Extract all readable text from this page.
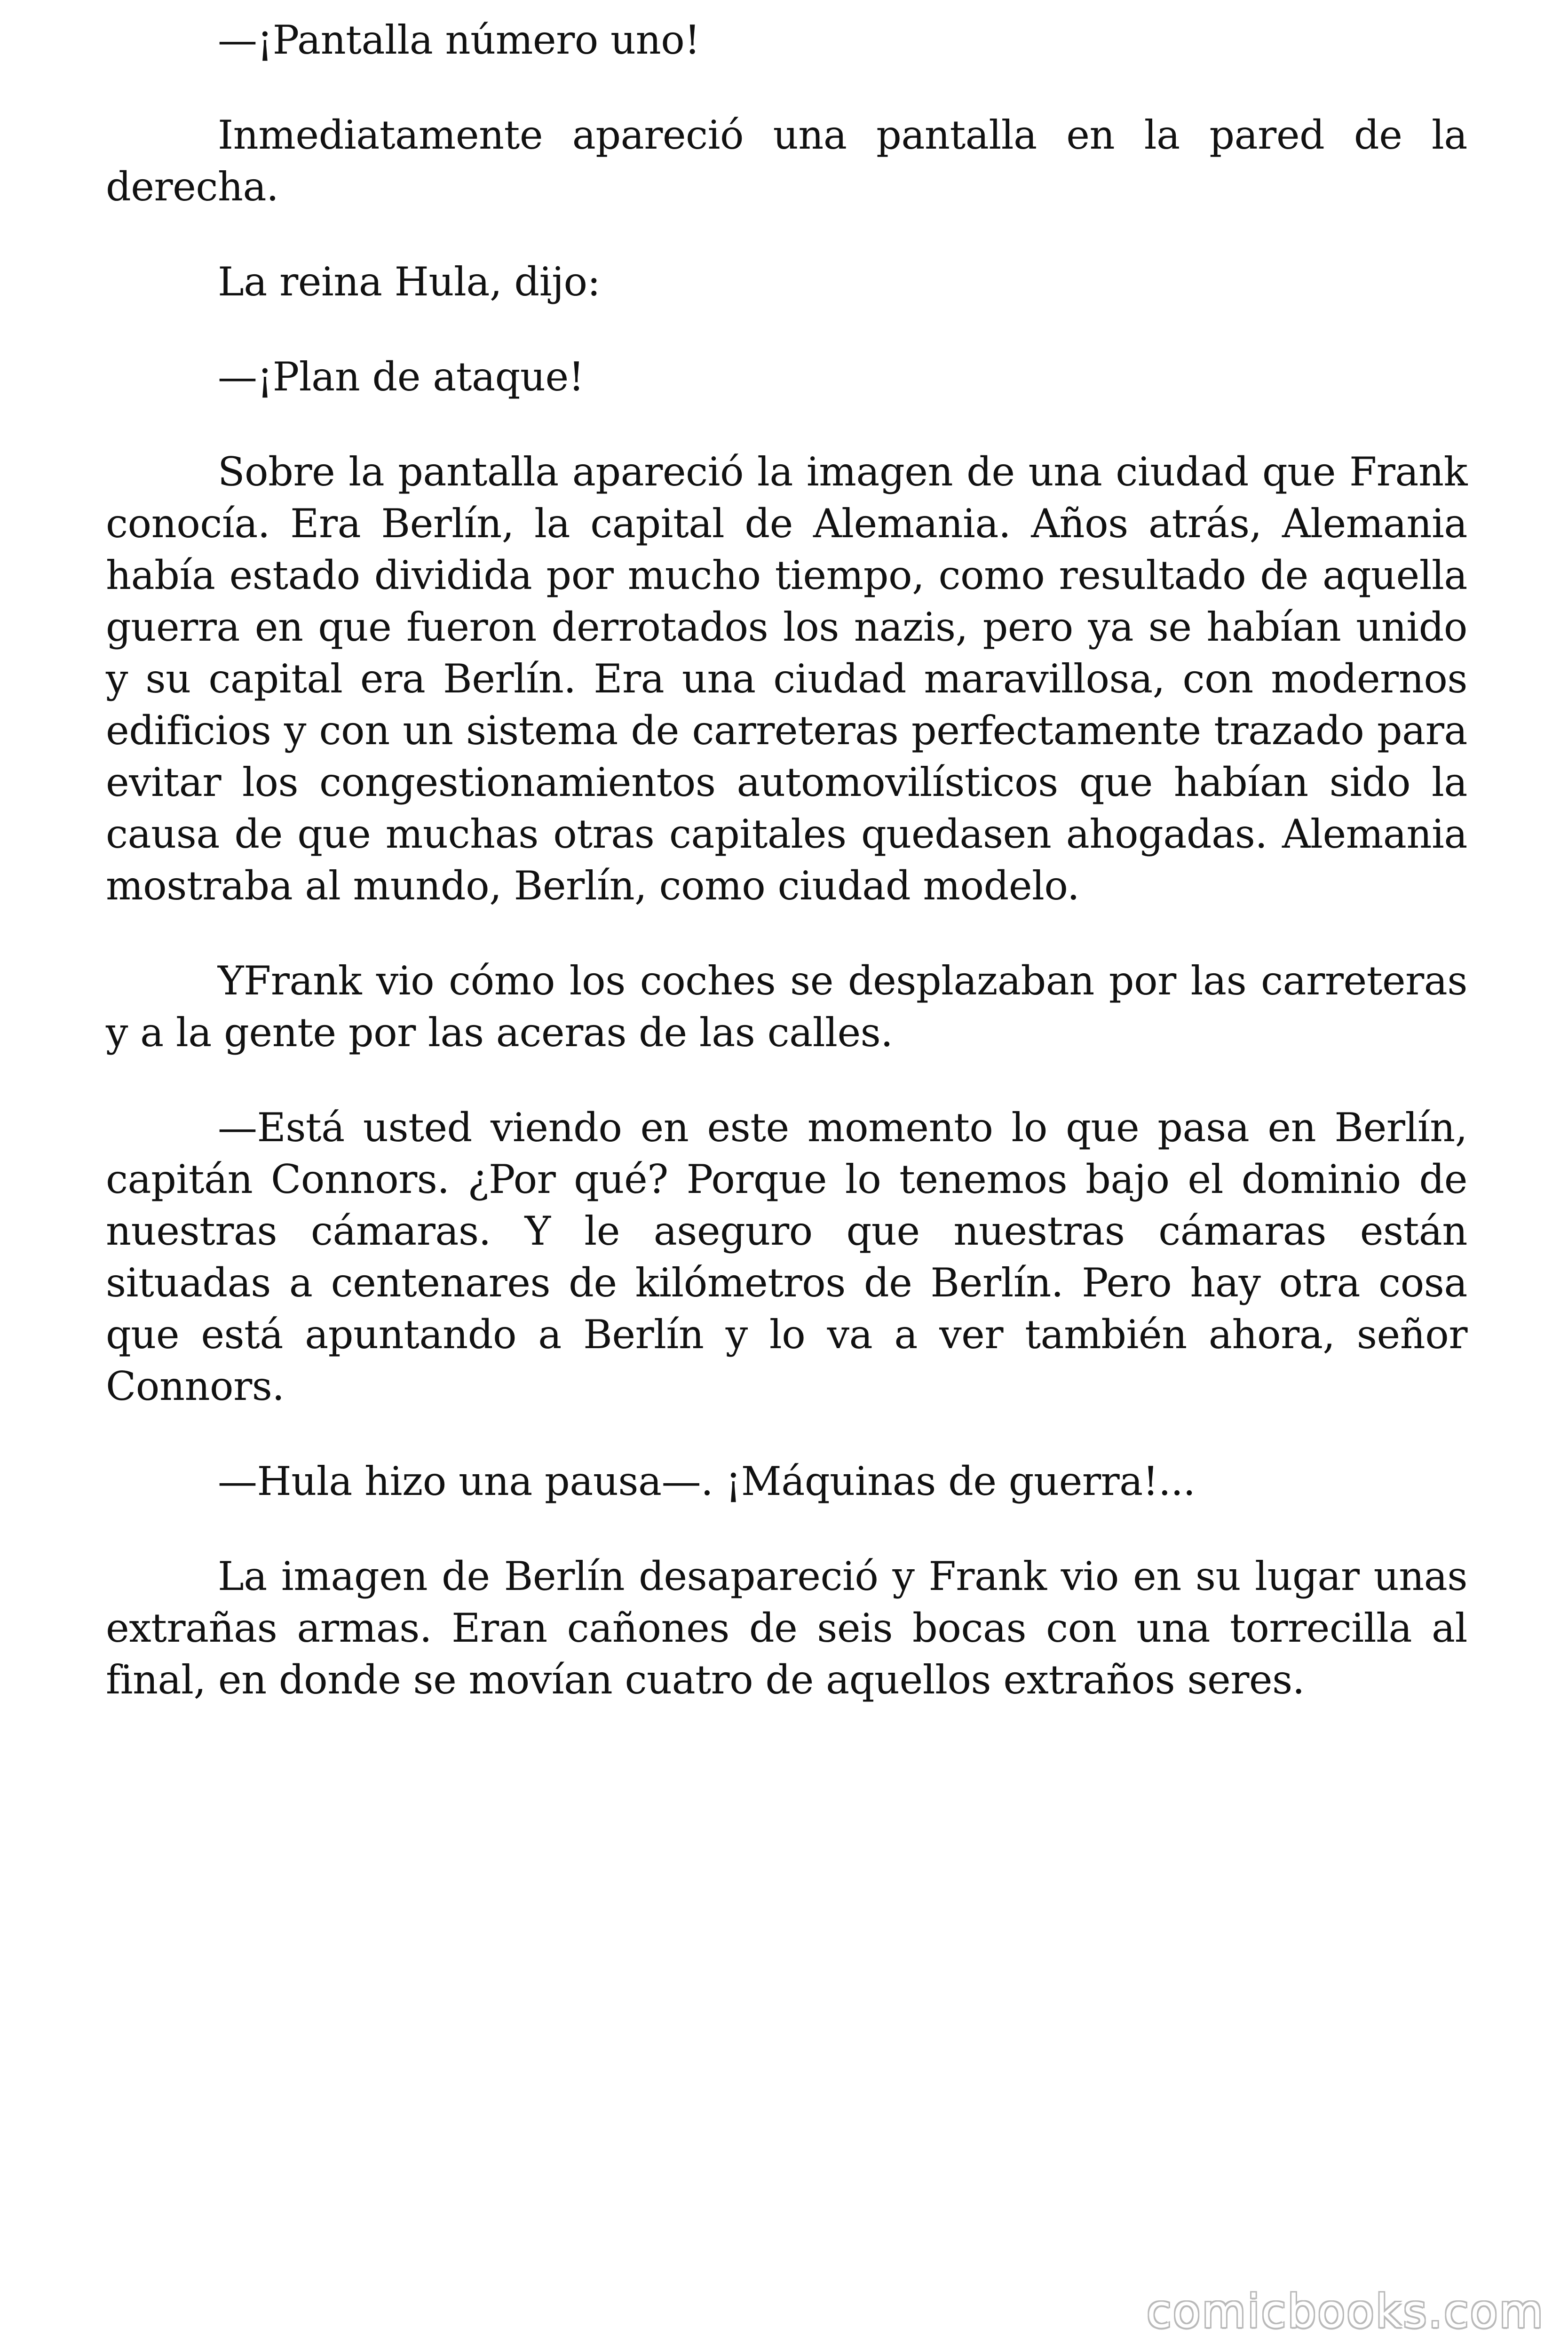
—¡Pantalla número uno!

Inmediatamente apareció una pantalla en la pared de la derecha.

La reina Hula, dijo:

—¡Plan de ataque!

Sobre la pantalla apareció la imagen de una ciudad que Frank conocía. Era Berlín, la capital de Alemania. Años atrás, Alemania había estado dividida por mucho tiempo, como resultado de aquella guerra en que fueron derrotados los nazis, pero ya se habían unido y su capital era Berlín. Era una ciudad maravillosa, con modernos edificios y con un sistema de carreteras perfectamente trazado para evitar los congestionamientos automovilísticos que habían sido la causa de que muchas otras capitales quedasen ahogadas. Alemania mostraba al mundo, Berlín, como ciudad modelo.

YFrank vio cómo los coches se desplazaban por las carreteras y a la gente por las aceras de las calles.

—Está usted viendo en este momento lo que pasa en Berlín, capitán Connors. ¿Por qué? Porque lo tenemos bajo el dominio de nuestras cámaras. Y le aseguro que nuestras cámaras están situadas a centenares de kilómetros de Berlín. Pero hay otra cosa que está apuntando a Berlín y lo va a ver también ahora, señor Connors.

—Hula hizo una pausa—. ¡Máquinas de guerra!...

La imagen de Berlín desapareció y Frank vio en su lugar unas extrañas armas. Eran cañones de seis bocas con una torrecilla al final, en donde se movían cuatro de aquellos extraños seres.

comicbooks.com
